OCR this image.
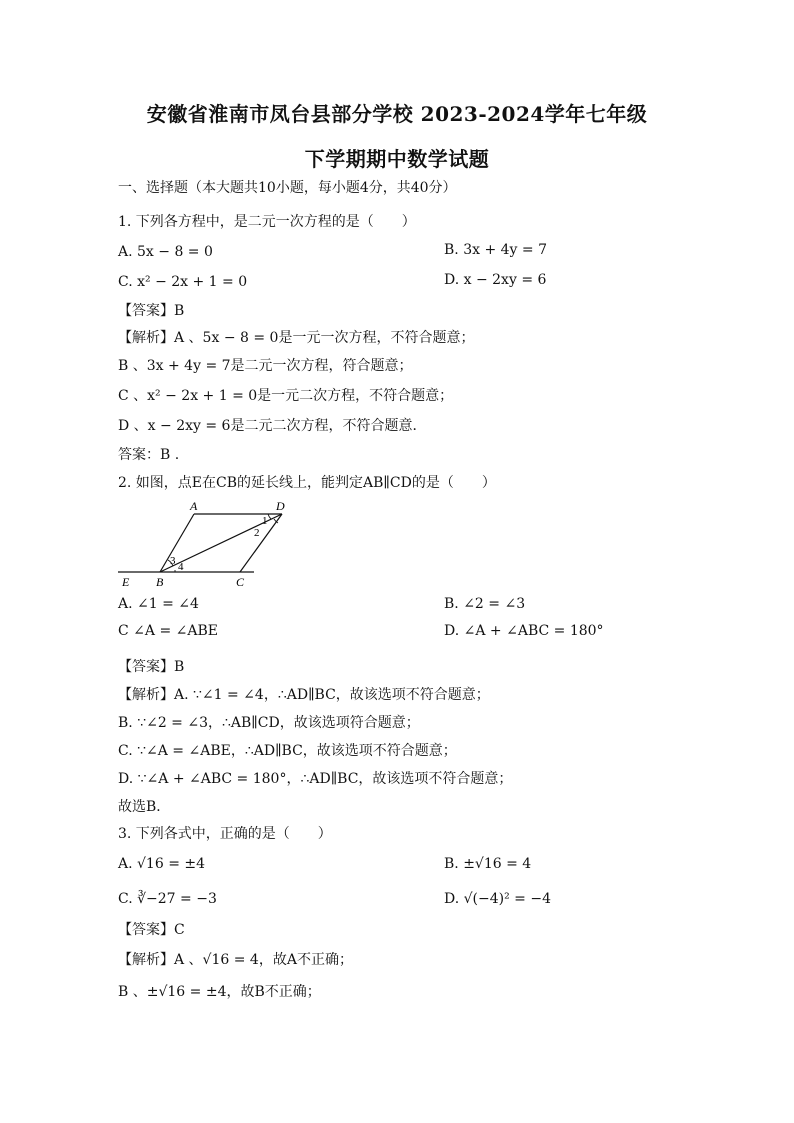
安徽省淮南市凤台县部分学校 2023-2024学年七年级
下学期期中数学试题
一、选择题（本大题共10小题，每小题4分，共40分）
1. 下列各方程中，是二元一次方程的是（　　）
A. 5x − 8 = 0	B. 3x + 4y = 7
C. x² − 2x + 1 = 0	D. x − 2xy = 6
【答案】B
【解析】A 、5x − 8 = 0是一元一次方程，不符合题意；
B 、3x + 4y = 7是二元一次方程，符合题意；
C 、x² − 2x + 1 = 0是一元二次方程，不符合题意；
D 、x − 2xy = 6是二元二次方程，不符合题意．
答案：B .
2. 如图，点E在CB的延长线上，能判定AB∥CD的是（　　）
A	D
E B	C
1
2
3 4
A. ∠1 = ∠4	B. ∠2 = ∠3
C ∠A = ∠ABE	D. ∠A + ∠ABC = 180°
【答案】B
【解析】A. ∵∠1 = ∠4，∴AD∥BC，故该选项不符合题意；
B. ∵∠2 = ∠3，∴AB∥CD，故该选项符合题意；
C. ∵∠A = ∠ABE，∴AD∥BC，故该选项不符合题意；
D. ∵∠A + ∠ABC = 180°，∴AD∥BC，故该选项不符合题意；
故选B．
3. 下列各式中，正确的是（　　）
A. √16 = ±4	B. ±√16 = 4
C. ∛−27 = −3	D. √(−4)² = −4
【答案】C
【解析】A 、√16 = 4，故A不正确；
B 、±√16 = ±4，故B不正确；
